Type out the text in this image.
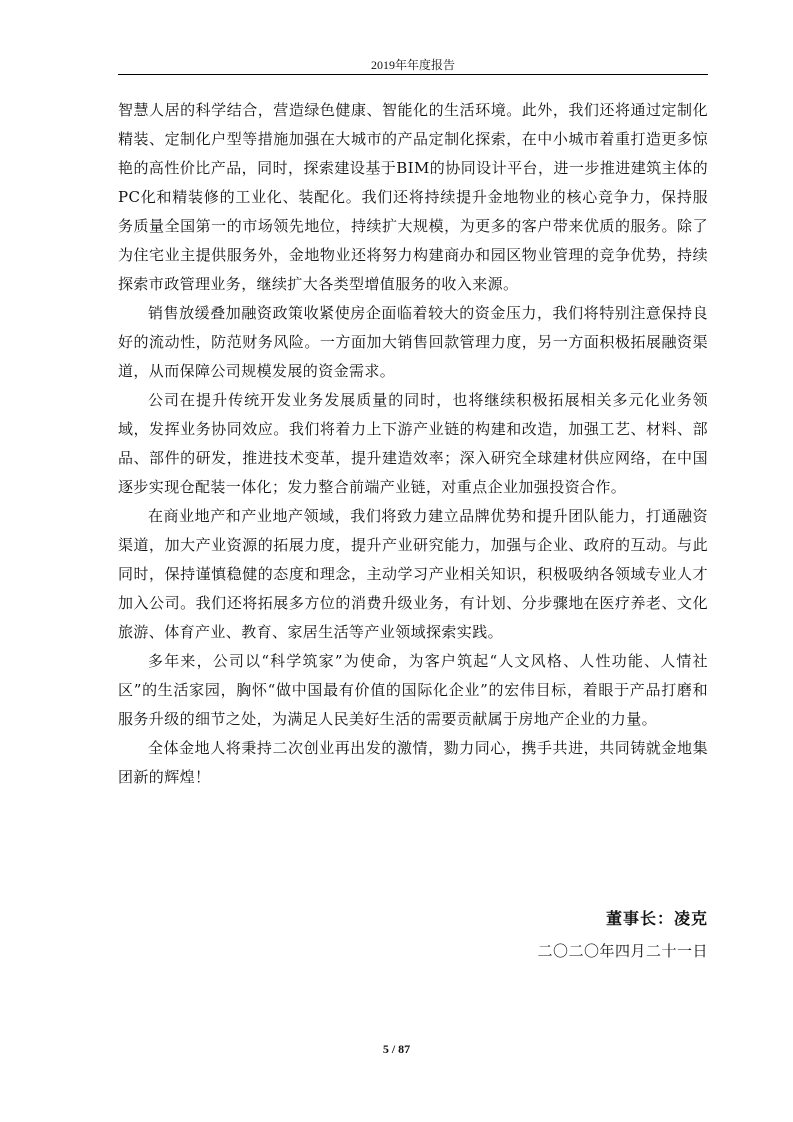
2019年年度报告

智慧人居的科学结合，营造绿色健康、智能化的生活环境。此外，我们还将通过定制化精装、定制化户型等措施加强在大城市的产品定制化探索，在中小城市着重打造更多惊艳的高性价比产品，同时，探索建设基于BIM的协同设计平台，进一步推进建筑主体的PC化和精装修的工业化、装配化。我们还将持续提升金地物业的核心竞争力，保持服务质量全国第一的市场领先地位，持续扩大规模，为更多的客户带来优质的服务。除了为住宅业主提供服务外，金地物业还将努力构建商办和园区物业管理的竞争优势，持续探索市政管理业务，继续扩大各类型增值服务的收入来源。

销售放缓叠加融资政策收紧使房企面临着较大的资金压力，我们将特别注意保持良好的流动性，防范财务风险。一方面加大销售回款管理力度，另一方面积极拓展融资渠道，从而保障公司规模发展的资金需求。

公司在提升传统开发业务发展质量的同时，也将继续积极拓展相关多元化业务领域，发挥业务协同效应。我们将着力上下游产业链的构建和改造，加强工艺、材料、部品、部件的研发，推进技术变革，提升建造效率；深入研究全球建材供应网络，在中国逐步实现仓配装一体化；发力整合前端产业链，对重点企业加强投资合作。

在商业地产和产业地产领域，我们将致力建立品牌优势和提升团队能力，打通融资渠道，加大产业资源的拓展力度，提升产业研究能力，加强与企业、政府的互动。与此同时，保持谨慎稳健的态度和理念，主动学习产业相关知识，积极吸纳各领域专业人才加入公司。我们还将拓展多方位的消费升级业务，有计划、分步骤地在医疗养老、文化旅游、体育产业、教育、家居生活等产业领域探索实践。

多年来，公司以“科学筑家”为使命，为客户筑起“人文风格、人性功能、人情社区”的生活家园，胸怀“做中国最有价值的国际化企业”的宏伟目标，着眼于产品打磨和服务升级的细节之处，为满足人民美好生活的需要贡献属于房地产企业的力量。

全体金地人将秉持二次创业再出发的激情，勠力同心，携手共进，共同铸就金地集团新的辉煌！

董事长：凌克
二〇二〇年四月二十一日
5 / 87
